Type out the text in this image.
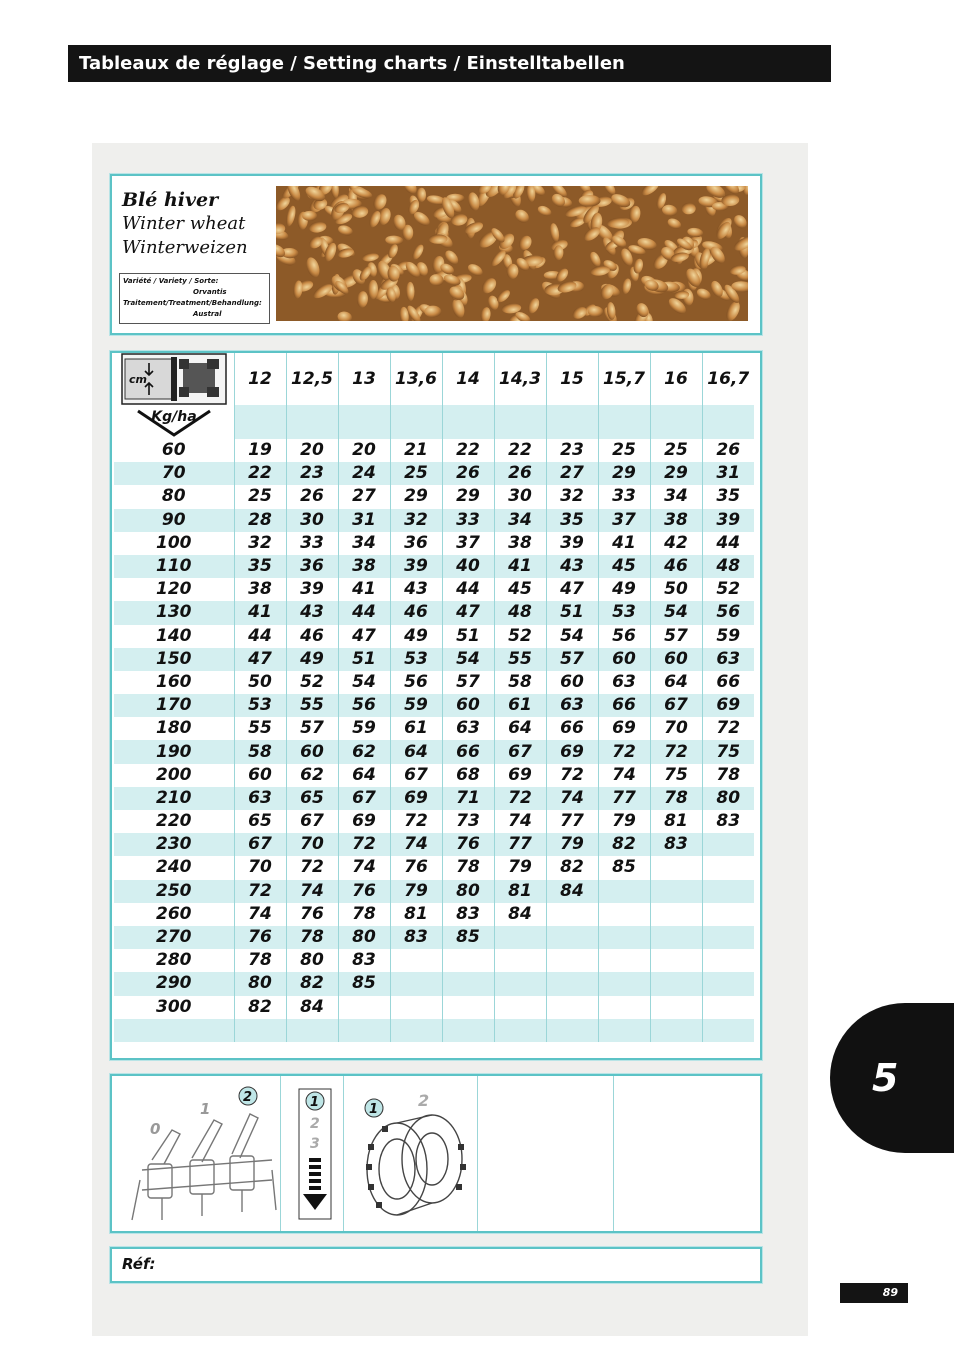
Tableaux de réglage / Setting charts / Einstelltabellen
Blé hiver
Winter wheat
Winterweizen
Variété / Variety / Sorte:
Orvantis
Traitement/Treatment/Behandlung:
Austral
cm	12	12,5	13	13,6	14	14,3	15	15,7	16	16,7

Kg/ha										

60	19	20	20	21	22	22	23	25	25	26
70	22	23	24	25	26	26	27	29	29	31
80	25	26	27	29	29	30	32	33	34	35
90	28	30	31	32	33	34	35	37	38	39
100	32	33	34	36	37	38	39	41	42	44
110	35	36	38	39	40	41	43	45	46	48
120	38	39	41	43	44	45	47	49	50	52
130	41	43	44	46	47	48	51	53	54	56
140	44	46	47	49	51	52	54	56	57	59
150	47	49	51	53	54	55	57	60	60	63
160	50	52	54	56	57	58	60	63	64	66
170	53	55	56	59	60	61	63	66	67	69
180	55	57	59	61	63	64	66	69	70	72
190	58	60	62	64	66	67	69	72	72	75
200	60	62	64	67	68	69	72	74	75	78
210	63	65	67	69	71	72	74	77	78	80
220	65	67	69	72	73	74	77	79	81	83
230	67	70	72	74	76	77	79	82	83	
240	70	72	74	76	78	79	82	85		
250	72	74	76	79	80	81	84			
260	74	76	78	81	83	84				
270	76	78	80	83	85					
280	78	80	83							
290	80	82	85							
300	82	84								

0
1
2	1
2
3
1 2
Réf:
5
89
